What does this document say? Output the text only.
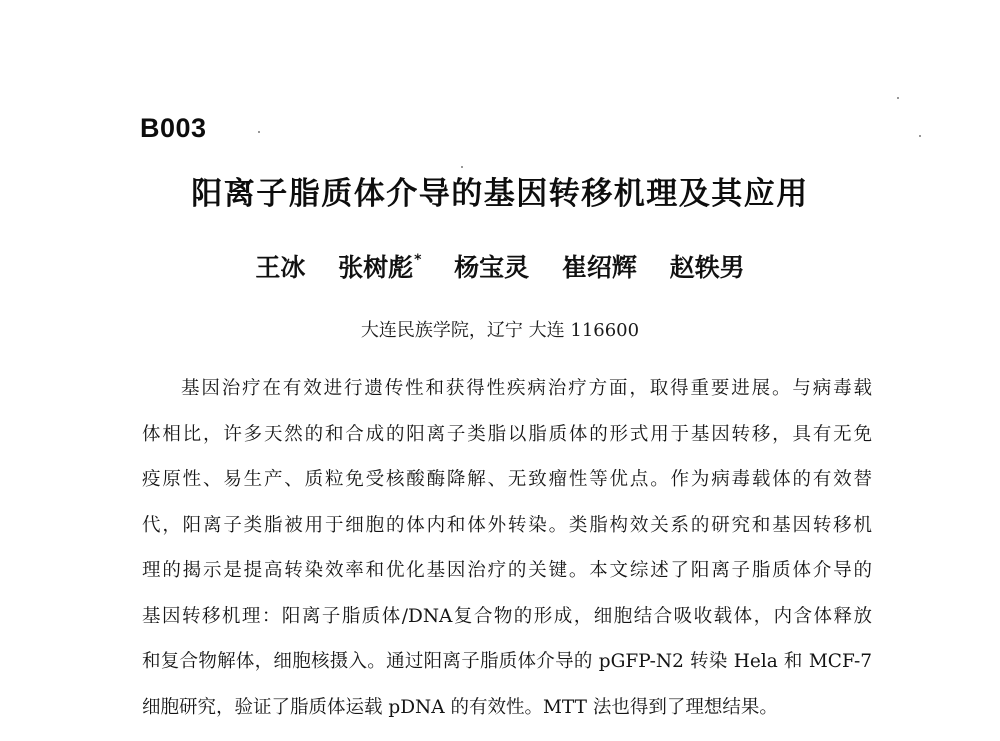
B003
阳离子脂质体介导的基因转移机理及其应用
王冰 张树彪* 杨宝灵 崔绍辉 赵轶男
大连民族学院，辽宁 大连 116600
基因治疗在有效进行遗传性和获得性疾病治疗方面，取得重要进展。与病毒载
体相比，许多天然的和合成的阳离子类脂以脂质体的形式用于基因转移，具有无免
疫原性、易生产、质粒免受核酸酶降解、无致瘤性等优点。作为病毒载体的有效替
代，阳离子类脂被用于细胞的体内和体外转染。类脂构效关系的研究和基因转移机
理的揭示是提高转染效率和优化基因治疗的关键。本文综述了阳离子脂质体介导的
基因转移机理：阳离子脂质体/DNA复合物的形成，细胞结合吸收载体，内含体释放
和复合物解体，细胞核摄入。通过阳离子脂质体介导的 pGFP-N2 转染 Hela 和 MCF-7
细胞研究，验证了脂质体运载 pDNA 的有效性。MTT 法也得到了理想结果。
